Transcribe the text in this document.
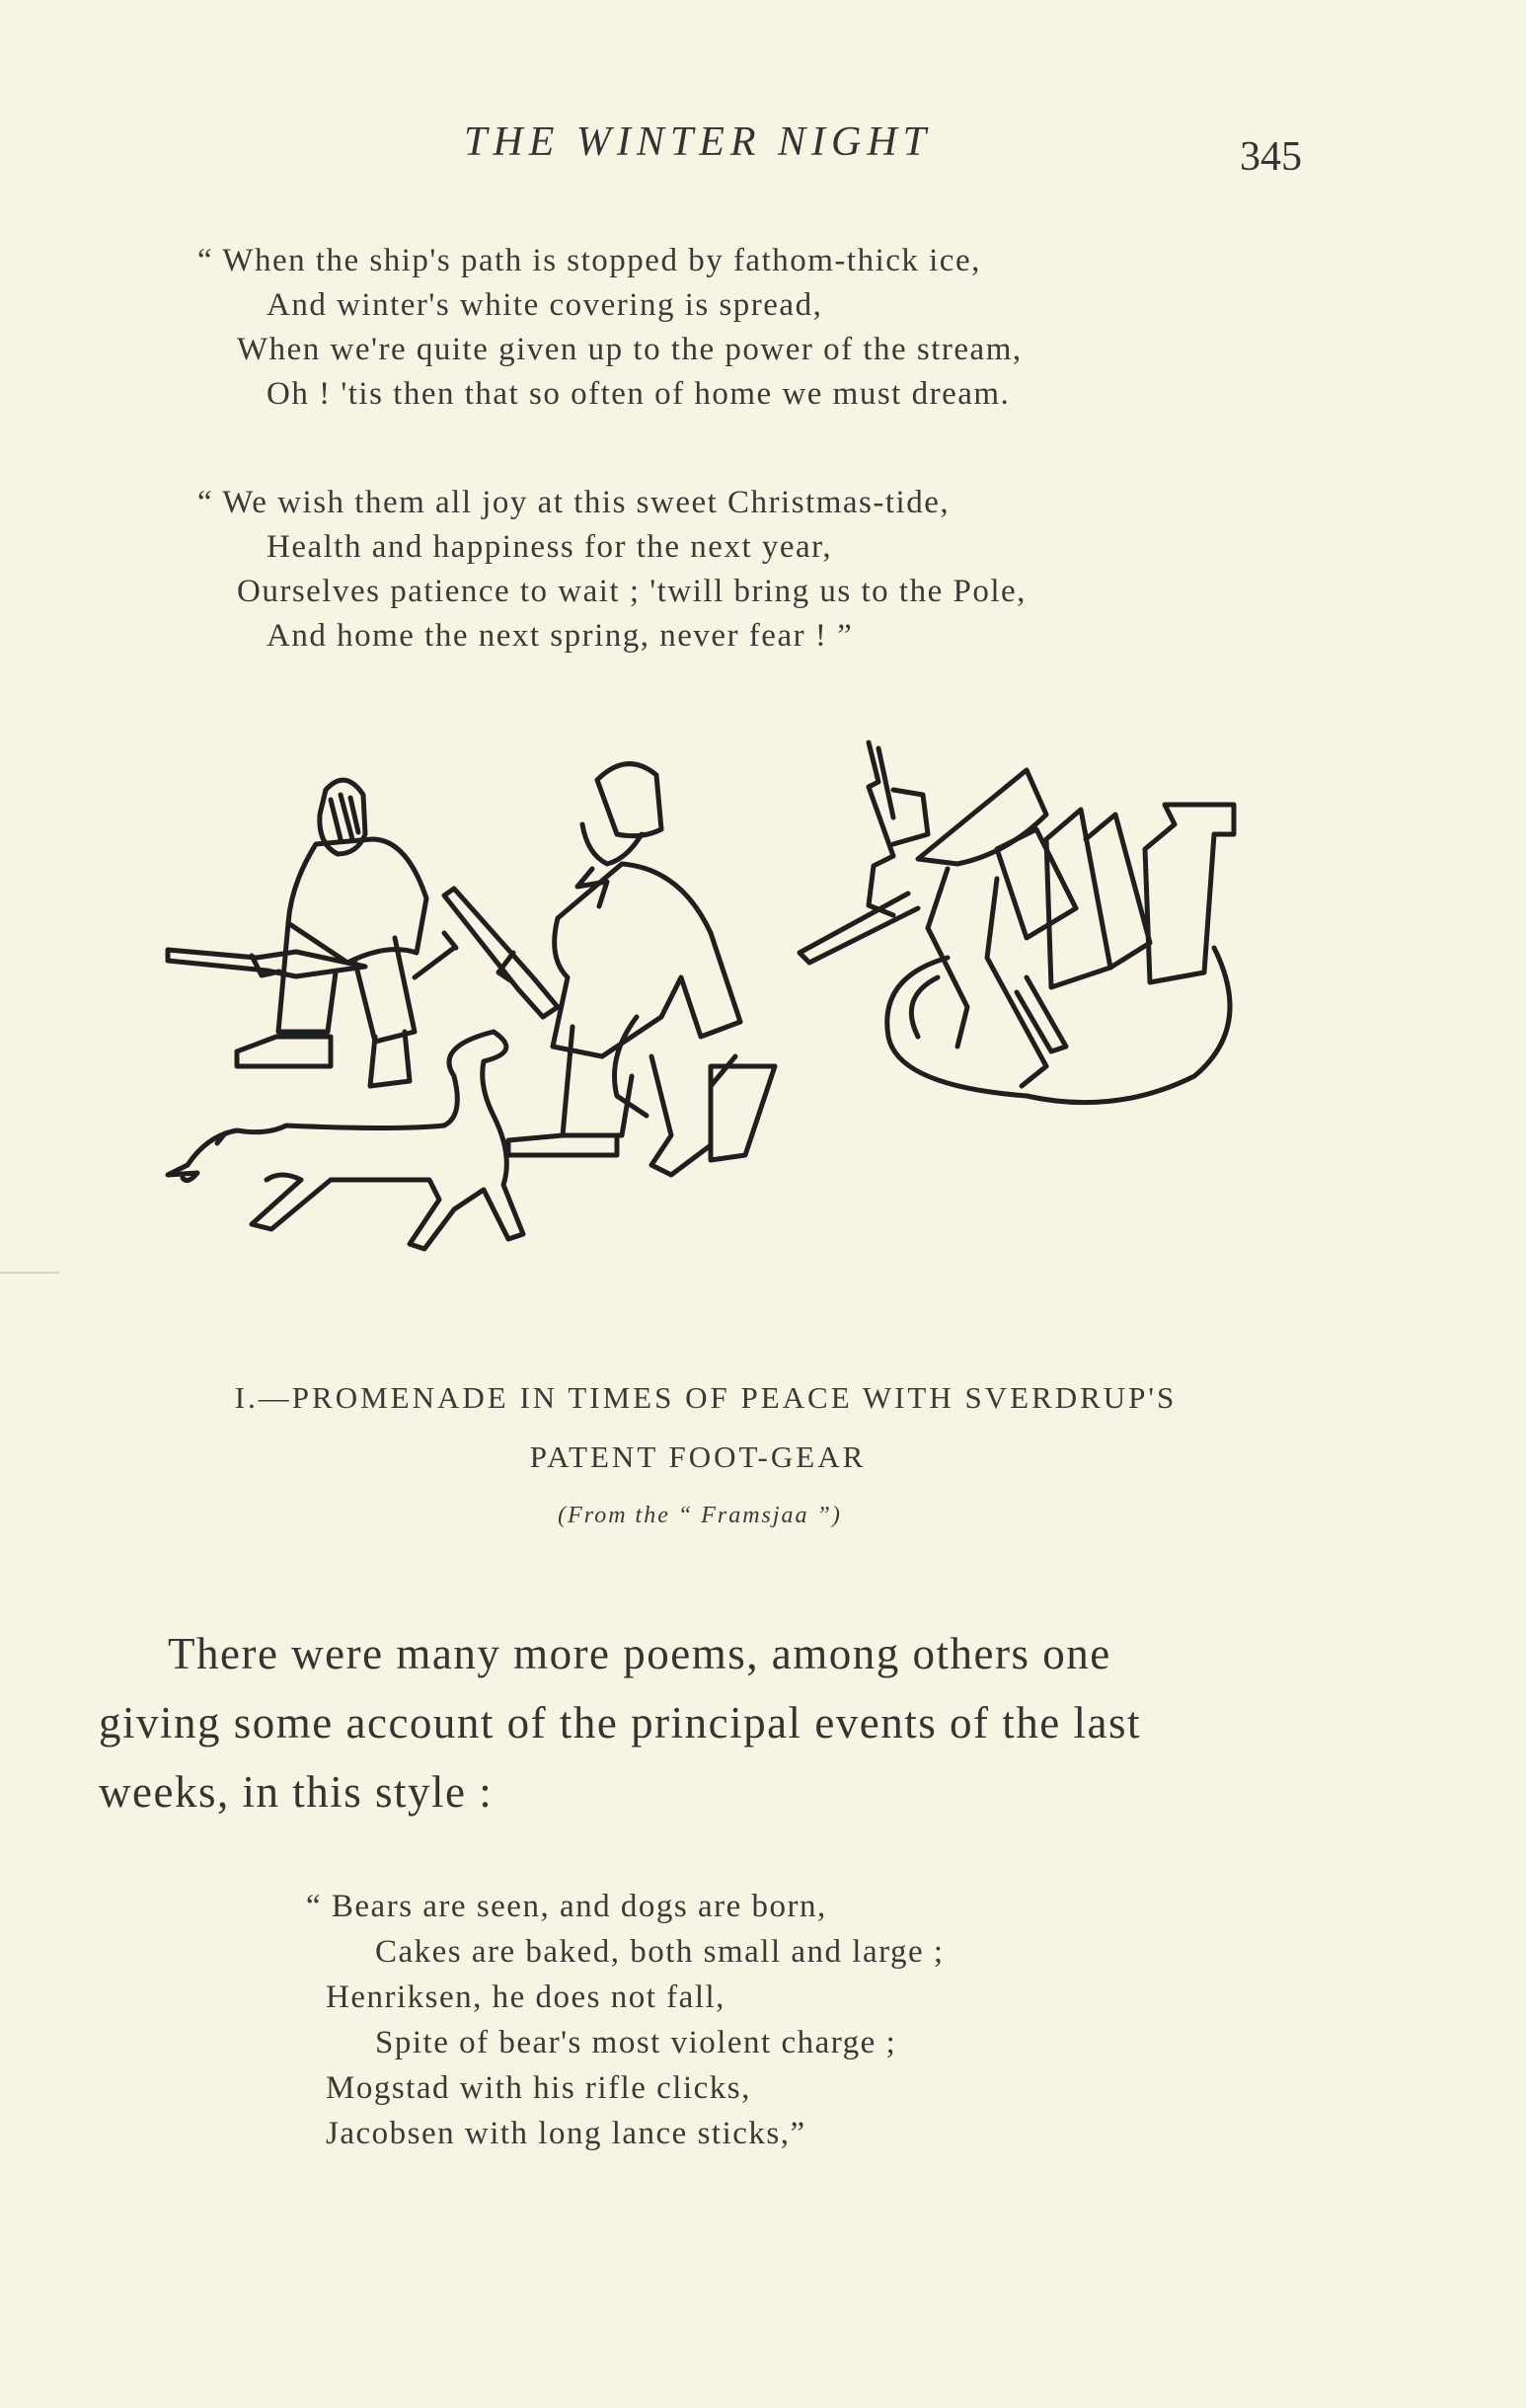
THE WINTER NIGHT	345
“ When the ship's path is stopped by fathom-thick ice,
And winter's white covering is spread,
When we're quite given up to the power of the stream,
Oh ! 'tis then that so often of home we must dream.
“ We wish them all joy at this sweet Christmas-tide,
Health and happiness for the next year,
Ourselves patience to wait ; 'twill bring us to the Pole,
And home the next spring, never fear ! ”
I.—PROMENADE IN TIMES OF PEACE WITH SVERDRUP'S
PATENT FOOT-GEAR
(From the “ Framsjaa ”)
There were many more poems, among others one
giving some account of the principal events of the last
weeks, in this style :
“ Bears are seen, and dogs are born,
Cakes are baked, both small and large ;
Henriksen, he does not fall,
Spite of bear's most violent charge ;
Mogstad with his rifle clicks,
Jacobsen with long lance sticks,”
